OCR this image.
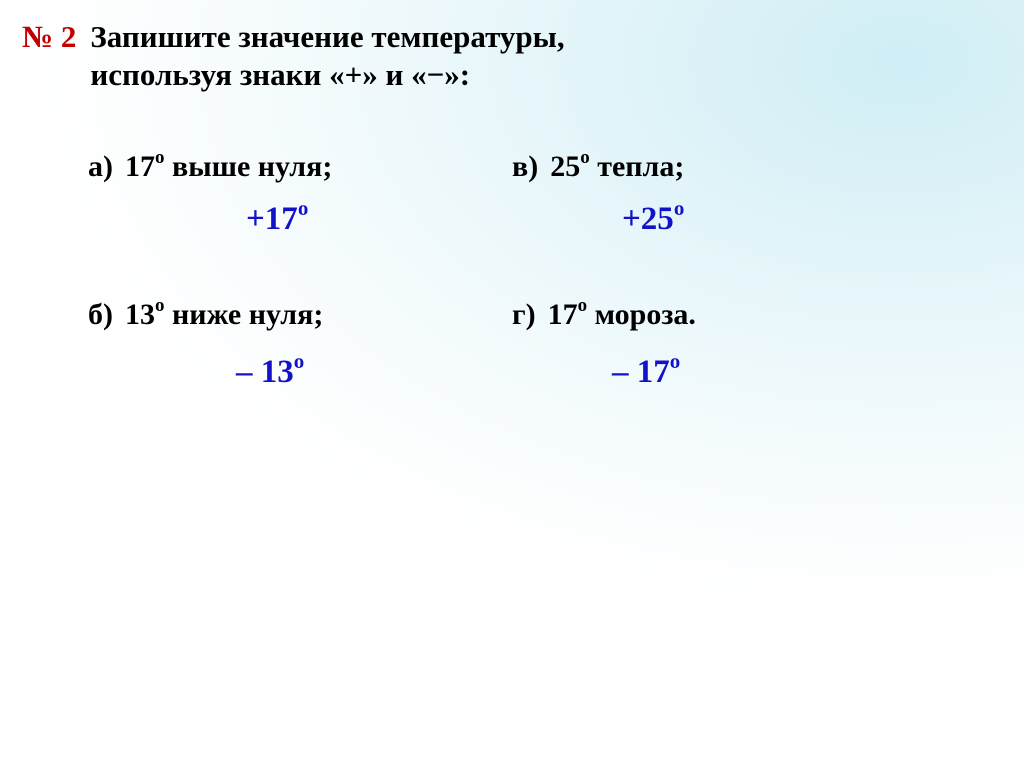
№ 2 Запишите значение температуры,
используя знаки «+» и «−»:
а) $17^о$ выше нуля;
$+17^о$
в) $25^о$ тепла;
$+25^о$
б) $13^о$ ниже нуля;
– $13^о$
г) $17^о$ мороза.
– $17^о$
